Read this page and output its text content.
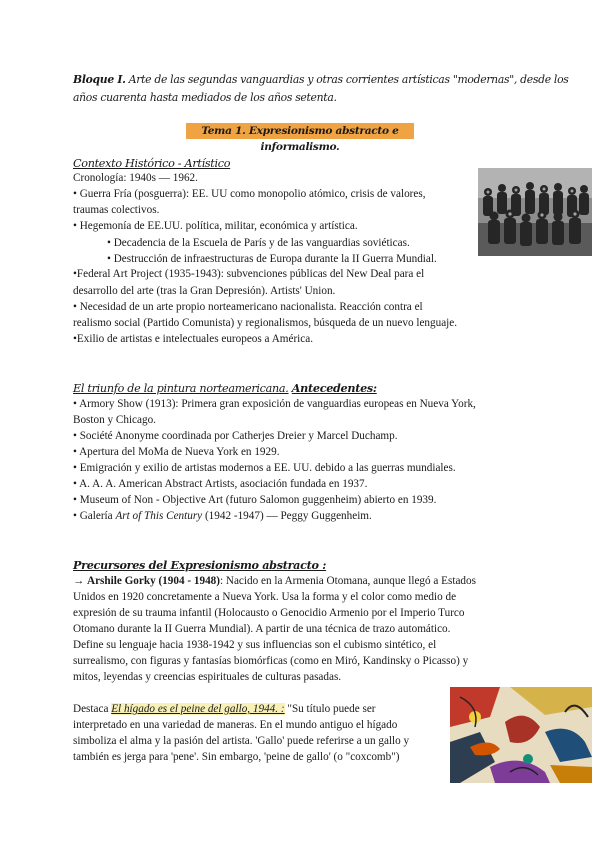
Bloque I. Arte de las segundas vanguardias y otras corrientes artísticas "modernas", desde los
años cuarenta hasta mediados de los años setenta.
Tema 1. Expresionismo abstracto e informalismo.
Contexto Histórico - Artístico
Cronología: 1940s — 1962.
• Guerra Fría (posguerra): EE. UU como monopolio atómico, crisis de valores,
traumas colectivos.
• Hegemonía de EE.UU. política, militar, económica y artística.
• Decadencia de la Escuela de París y de las vanguardias soviéticas.
• Destrucción de infraestructuras de Europa durante la II Guerra Mundial.
•Federal Art Project (1935-1943): subvenciones públicas del New Deal para el
desarrollo del arte (tras la Gran Depresión). Artists' Union.
• Necesidad de un arte propio norteamericano nacionalista. Reacción contra el
realismo social (Partido Comunista) y regionalismos, búsqueda de un nuevo lenguaje.
•Exilio de artistas e intelectuales europeos a América.
El triunfo de la pintura norteamericana. Antecedentes:
• Armory Show (1913): Primera gran exposición de vanguardias europeas en Nueva York,
Boston y Chicago.
• Société Anonyme coordinada por Catherjes Dreier y Marcel Duchamp.
• Apertura del MoMa de Nueva York en 1929.
• Emigración y exilio de artistas modernos a EE. UU. debido a las guerras mundiales.
• A. A. A. American Abstract Artists, asociación fundada en 1937.
• Museum of Non - Objective Art (futuro Salomon guggenheim) abierto en 1939.
• Galería Art of This Century (1942 -1947) — Peggy Guggenheim.
Precursores del Expresionismo abstracto :
→ Arshile Gorky (1904 - 1948): Nacido en la Armenia Otomana, aunque llegó a Estados
Unidos en 1920 concretamente a Nueva York. Usa la forma y el color como medio de
expresión de su trauma infantil (Holocausto o Genocidio Armenio por el Imperio Turco
Otomano durante la II Guerra Mundial). A partir de una técnica de trazo automático.
Define su lenguaje hacia 1938-1942 y sus influencias son el cubismo sintético, el
surrealismo, con figuras y fantasías biomórficas (como en Miró, Kandinsky o Picasso) y
mitos, leyendas y creencias espirituales de culturas pasadas.
Destaca El hígado es el peine del gallo, 1944. : "Su título puede ser
interpretado en una variedad de maneras. En el mundo antiguo el hígado
simboliza el alma y la pasión del artista. 'Gallo' puede referirse a un gallo y
también es jerga para 'pene'. Sin embargo, 'peine de gallo' (o "coxcomb")
